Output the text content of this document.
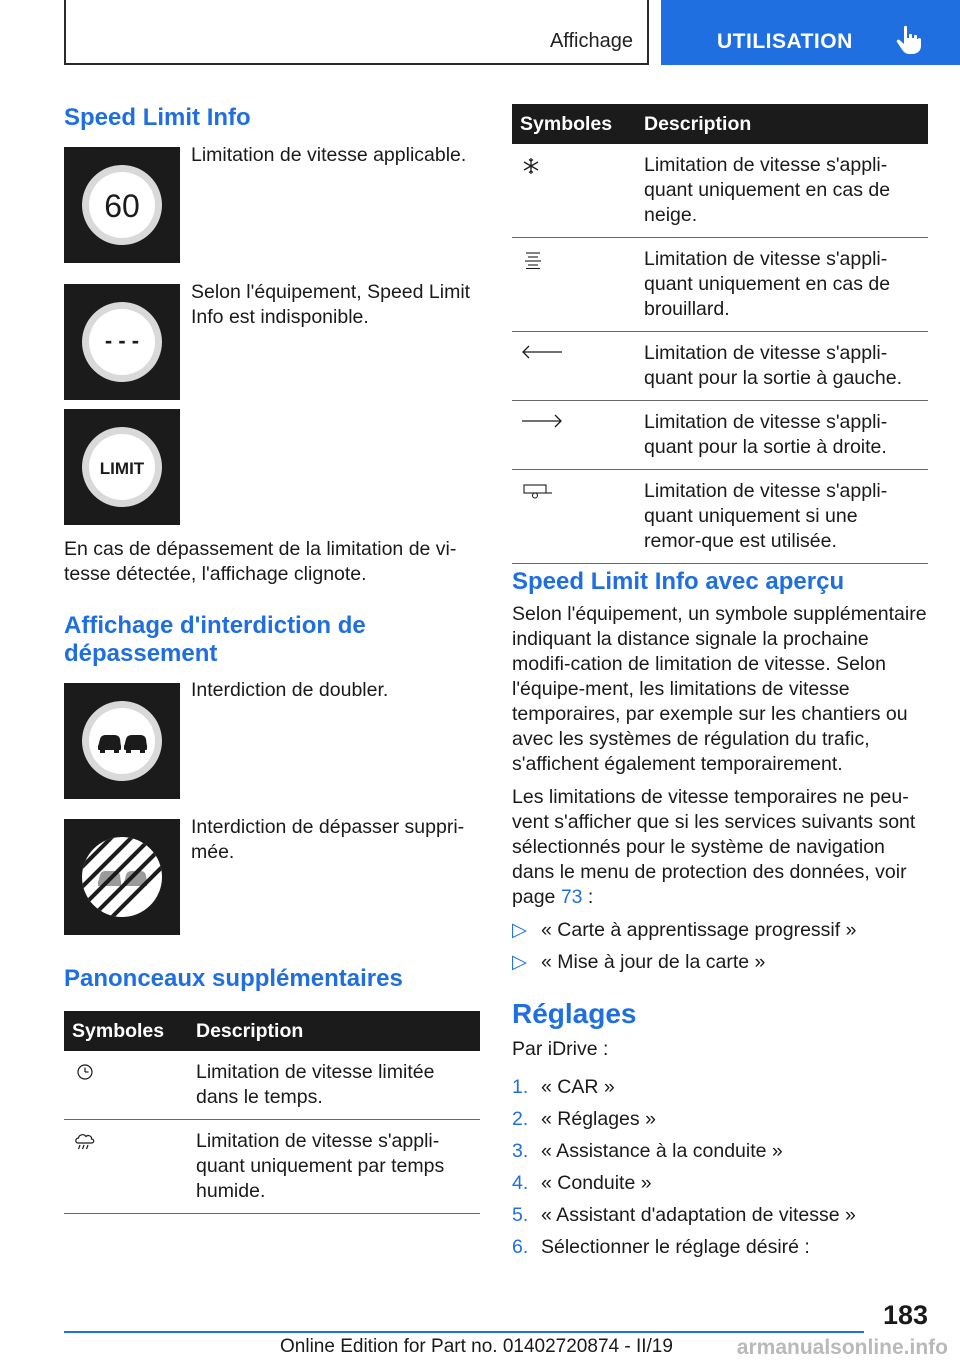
Affichage	UTILISATION
Speed Limit Info
60
Limitation de vitesse applicable.
- - -
Selon l'équipement, Speed Limit Info est indisponible.
LIMIT
En cas de dépassement de la limitation de vi-tesse détectée, l'affichage clignote.
Affichage d'interdiction de dépassement
Interdiction de doubler.
Interdiction de dépasser suppri-mée.
Panonceaux supplémentaires
Symboles	Description

	Limitation de vitesse limitée dans le temps.

	Limitation de vitesse s'appli-quant uniquement par temps humide.
Symboles	Description

	Limitation de vitesse s'appli-quant uniquement en cas de neige.

	Limitation de vitesse s'appli-quant uniquement en cas de brouillard.

	Limitation de vitesse s'appli-quant pour la sortie à gauche.

	Limitation de vitesse s'appli-quant pour la sortie à droite.

	Limitation de vitesse s'appli-quant uniquement si une remor-que est utilisée.
Speed Limit Info avec aperçu
Selon l'équipement, un symbole supplémentaire indiquant la distance signale la prochaine modifi-cation de limitation de vitesse. Selon l'équipe-ment, les limitations de vitesse temporaires, par exemple sur les chantiers ou avec les systèmes de régulation du trafic, s'affichent également temporairement.
Les limitations de vitesse temporaires ne peu-vent s'afficher que si les services suivants sont sélectionnés pour le système de navigation dans le menu de protection des données, voir page 73 :
▷ « Carte à apprentissage progressif »
▷ « Mise à jour de la carte »
Réglages
Par iDrive :
1. « CAR »
2. « Réglages »
3. « Assistance à la conduite »
4. « Conduite »
5. « Assistant d'adaptation de vitesse »
6. Sélectionner le réglage désiré :
183
Online Edition for Part no. 01402720874 - II/19	armanualsonline.info
